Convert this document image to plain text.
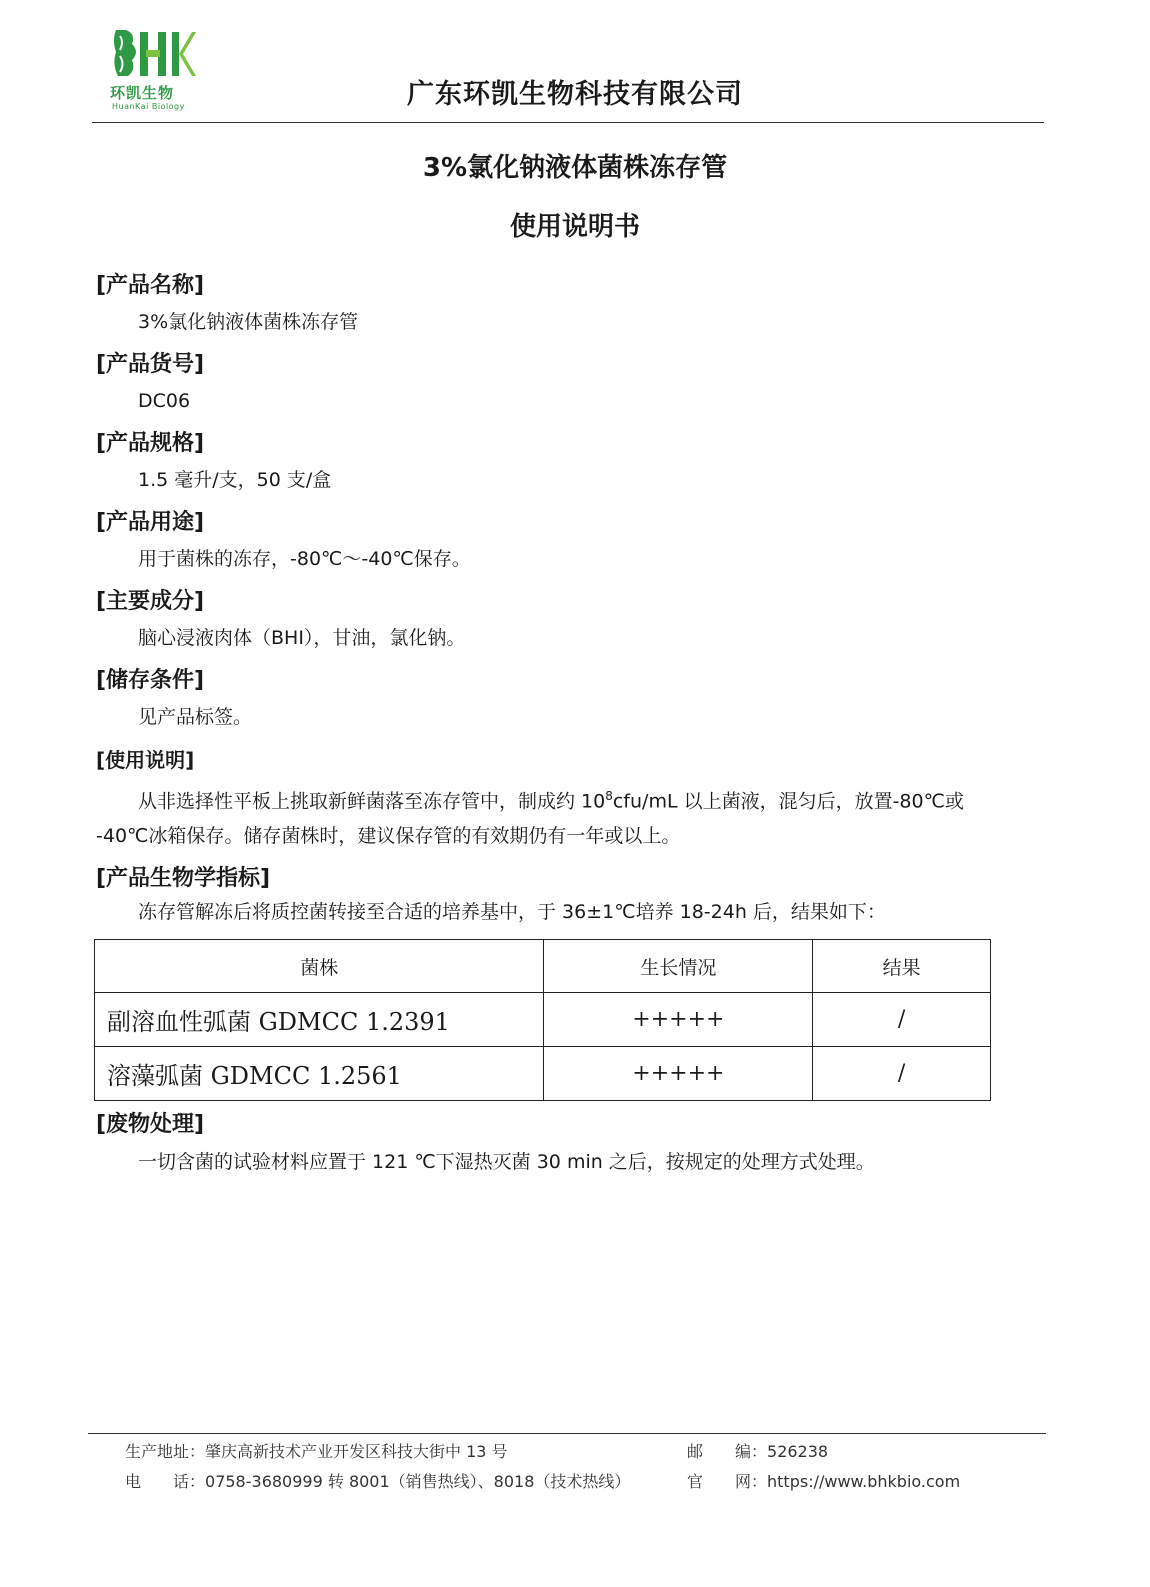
环凯生物
HuanKai Biology	广东环凯生物科技有限公司
3%氯化钠液体菌株冻存管
使用说明书
[产品名称]
3%氯化钠液体菌株冻存管
[产品货号]
DC06
[产品规格]
1.5 毫升/支，50 支/盒
[产品用途]
用于菌株的冻存，-80℃～-40℃保存。
[主要成分]
脑心浸液肉体（BHI），甘油，氯化钠。
[储存条件]
见产品标签。
[使用说明]
从非选择性平板上挑取新鲜菌落至冻存管中，制成约 $10^8cfu/mL$ 以上菌液，混匀后，放置-80℃或
-40℃冰箱保存。储存菌株时，建议保存管的有效期仍有一年或以上。
[产品生物学指标]
冻存管解冻后将质控菌转接至合适的培养基中，于 36±1℃培养 18-24h 后，结果如下：
菌株	生长情况	结果
副溶血性弧菌 GDMCC 1.2391	+++++	/
溶藻弧菌 GDMCC 1.2561	+++++	/
[废物处理]
一切含菌的试验材料应置于 121 ℃下湿热灭菌 30 min 之后，按规定的处理方式处理。
生产地址：肇庆高新技术产业开发区科技大街中 13 号	邮　　编：526238
电　　话：0758-3680999 转 8001（销售热线）、8018（技术热线）	官　　网：https://www.bhkbio.com
